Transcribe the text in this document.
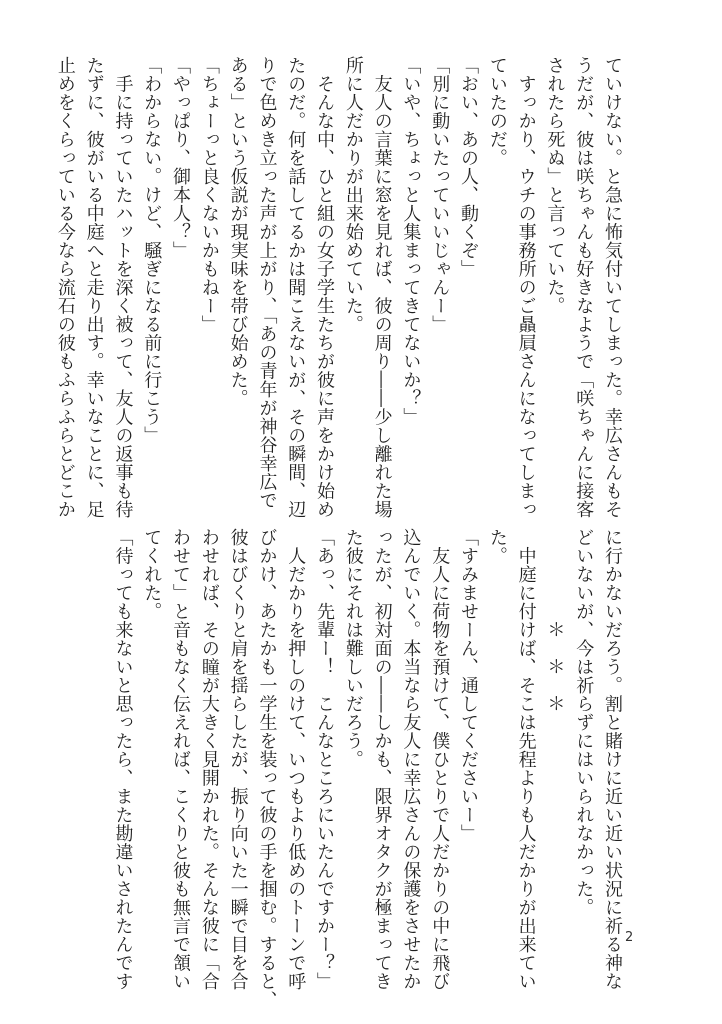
ていけない。と急に怖気付いてしまった。幸広さんもそ
うだが、彼は咲ちゃんも好きなようで「咲ちゃんに接客
されたら死ぬ」と言っていた。
　すっかり、ウチの事務所のご贔屓さんになってしまっ
ていたのだ。
「おい、あの人、動くぞ」
「別に動いたっていいじゃんー」
「いや、ちょっと人集まってきてないか？」
　友人の言葉に窓を見れば、彼の周り――少し離れた場
所に人だかりが出来始めていた。
　そんな中、ひと組の女子学生たちが彼に声をかけ始め
たのだ。何を話してるかは聞こえないが、その瞬間、辺
りで色めき立った声が上がり、「あの青年が神谷幸広で
ある」という仮説が現実味を帯び始めた。
「ちょーっと良くないかもねー」
「やっぱり、御本人？」
「わからない。けど、騒ぎになる前に行こう」
　手に持っていたハットを深く被って、友人の返事も待
たずに、彼がいる中庭へと走り出す。幸いなことに、足
止めをくらっている今なら流石の彼もふらふらとどこか
に行かないだろう。割と賭けに近い近い状況に祈る神な
どいないが、今は祈らずにはいられなかった。
　　　　　＊　＊　＊
　中庭に付けば、そこは先程よりも人だかりが出来てい
た。
「すみませーん、通してくださいー」
　友人に荷物を預けて、僕ひとりで人だかりの中に飛び
込んでいく。本当なら友人に幸広さんの保護をさせたか
ったが、初対面の――しかも、限界オタクが極まってき
た彼にそれは難しいだろう。
「あっ、先輩ー！　こんなところにいたんですかー？」
　人だかりを押しのけて、いつもより低めのトーンで呼
びかけ、あたかも一学生を装って彼の手を掴む。すると、
彼はびくりと肩を揺らしたが、振り向いた一瞬で目を合
わせれば、その瞳が大きく見開かれた。そんな彼に「合
わせて」と音もなく伝えれば、こくりと彼も無言で頷い
てくれた。
「待っても来ないと思ったら、また勘違いされたんです	2
